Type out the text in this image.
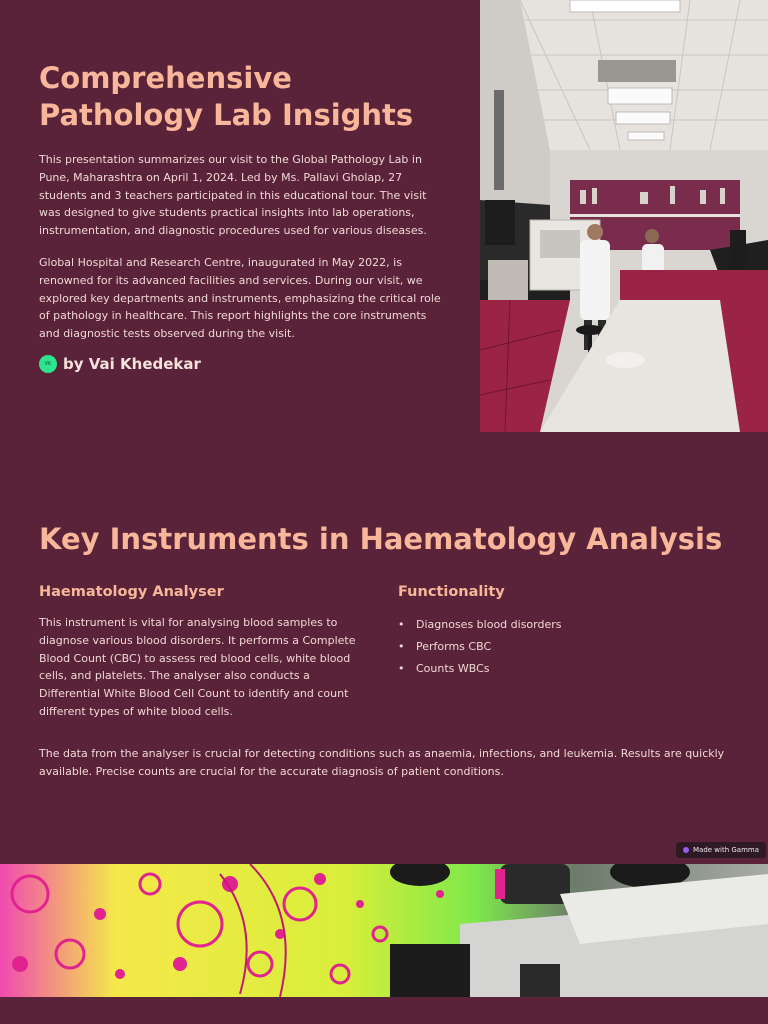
Comprehensive Pathology Lab Insights

This presentation summarizes our visit to the Global Pathology Lab in Pune, Maharashtra on April 1, 2024. Led by Ms. Pallavi Gholap, 27 students and 3 teachers participated in this educational tour. The visit was designed to give students practical insights into lab operations, instrumentation, and diagnostic procedures used for various diseases.

Global Hospital and Research Centre, inaugurated in May 2022, is renowned for its advanced facilities and services. During our visit, we explored key departments and instruments, emphasizing the critical role of pathology in healthcare. This report highlights the core instruments and diagnostic tests observed during the visit.

VK by Vai Khedekar
Key Instruments in Haematology Analysis
Haematology Analyser	Functionality

This instrument is vital for analysing blood samples to diagnose various blood disorders. It performs a Complete Blood Count (CBC) to assess red blood cells, white blood cells, and platelets. The analyser also conducts a Differential White Blood Cell Count to identify and count different types of white blood cells.

• Diagnoses blood disorders
• Performs CBC
• Counts WBCs

The data from the analyser is crucial for detecting conditions such as anaemia, infections, and leukemia. Results are quickly available. Precise counts are crucial for the accurate diagnosis of patient conditions.

Made with Gamma
